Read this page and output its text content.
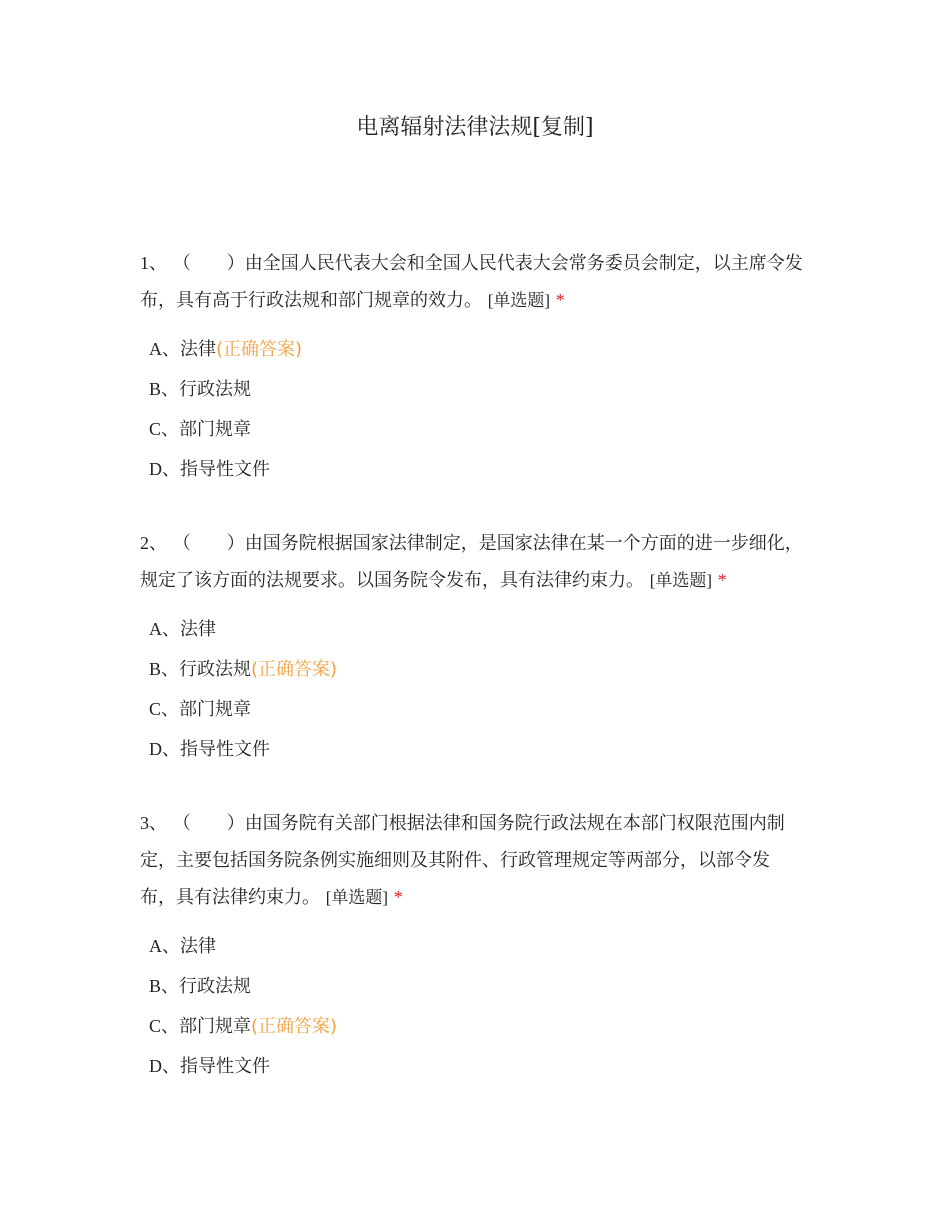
电离辐射法律法规[复制]

1、 （　　）由全国人民代表大会和全国人民代表大会常务委员会制定，以主席令发布，具有高于行政法规和部门规章的效力。 [单选题] *

A、法律(正确答案)
B、行政法规
C、部门规章
D、指导性文件

2、 （　　）由国务院根据国家法律制定，是国家法律在某一个方面的进一步细化，规定了该方面的法规要求。以国务院令发布，具有法律约束力。 [单选题] *

A、法律
B、行政法规(正确答案)
C、部门规章
D、指导性文件

3、 （　　）由国务院有关部门根据法律和国务院行政法规在本部门权限范围内制定，主要包括国务院条例实施细则及其附件、行政管理规定等两部分，以部令发布，具有法律约束力。 [单选题] *

A、法律
B、行政法规
C、部门规章(正确答案)
D、指导性文件
